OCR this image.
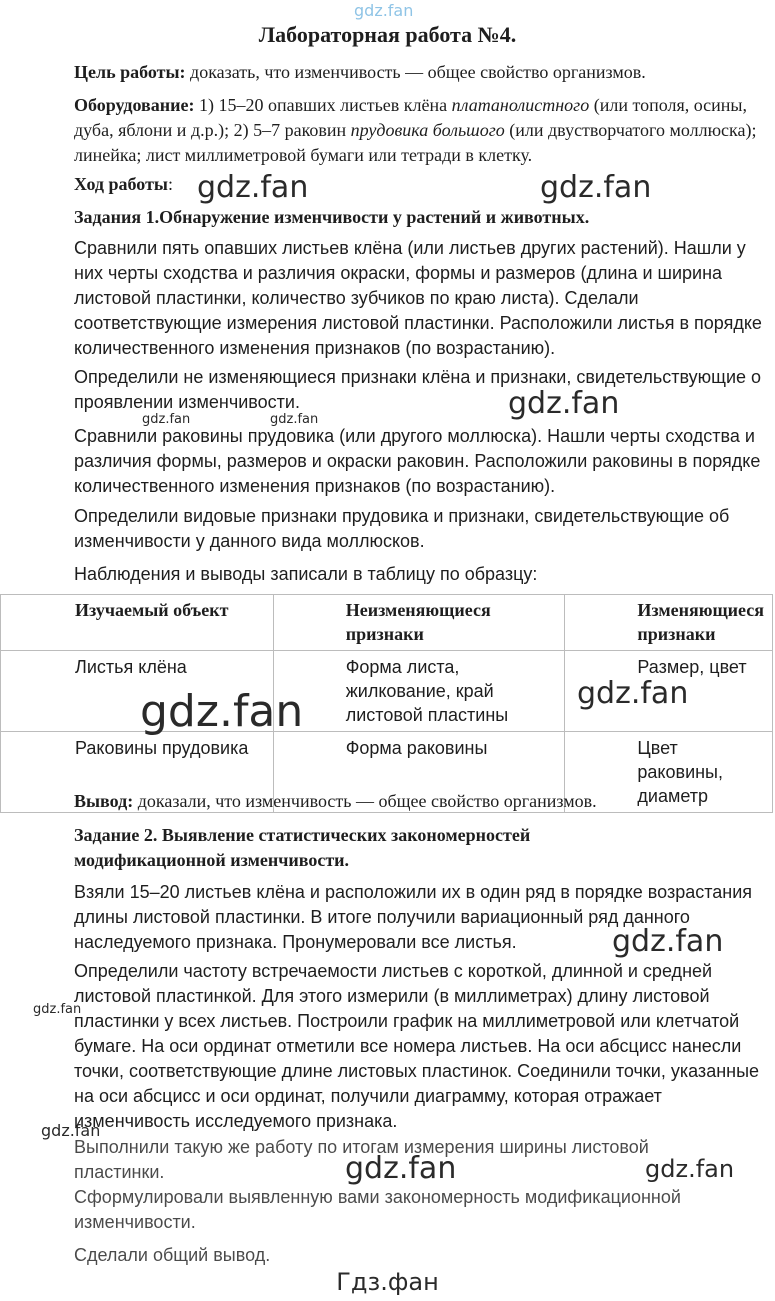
gdz.fan
Лабораторная работа №4.
Цель работы: доказать, что изменчивость — общее свойство организмов.
Оборудование: 1) 15–20 опавших листьев клёна платанолистного (или тополя, осины, дуба, яблони и д.р.); 2) 5–7 раковин прудовика большого (или двустворчатого моллюска); линейка; лист миллиметровой бумаги или тетради в клетку.
Ход работы:
Задания 1.Обнаружение изменчивости у растений и животных.
Сравнили пять опавших листьев клёна (или листьев других растений). Нашли у них черты сходства и различия окраски, формы и размеров (длина и ширина листовой пластинки, количество зубчиков по краю листа). Сделали соответствующие измерения листовой пластинки. Расположили листья в порядке количественного изменения признаков (по возрастанию).
Определили не изменяющиеся признаки клёна и признаки, свидетельствующие о проявлении изменчивости.
Сравнили раковины прудовика (или другого моллюска). Нашли черты сходства и различия формы, размеров и окраски раковин. Расположили раковины в порядке количественного изменения признаков (по возрастанию).
Определили видовые признаки прудовика и признаки, свидетельствующие об изменчивости у данного вида моллюсков.
Наблюдения и выводы записали в таблицу по образцу:
Изучаемый объект	Неизменяющиеся признаки	Изменяющиеся признаки
Листья клёна	Форма листа, жилкование, край листовой пластины	Размер, цвет
Раковины прудовика	Форма раковины	Цвет раковины, диаметр
Вывод: доказали, что изменчивость — общее свойство организмов.
Задание 2. Выявление статистических закономерностей модификационной изменчивости.
Взяли 15–20 листьев клёна и расположили их в один ряд в порядке возрастания длины листовой пластинки. В итоге получили вариационный ряд данного наследуемого признака. Пронумеровали все листья.
Определили частоту встречаемости листьев с короткой, длинной и средней листовой пластинкой. Для этого измерили (в миллиметрах) длину листовой пластинки у всех листьев. Построили график на миллиметровой или клетчатой бумаге. На оси ординат отметили все номера листьев. На оси абсцисс нанесли точки, соответствующие длине листовых пластинок. Соединили точки, указанные на оси абсцисс и оси ординат, получили диаграмму, которая отражает изменчивость исследуемого признака.
Выполнили такую же работу по итогам измерения ширины листовой пластинки.
Сформулировали выявленную вами закономерность модификационной изменчивости.
Сделали общий вывод.
gdz.fan	gdz.fan
gdz.fan
gdz.fan	gdz.fan
gdz.fan	gdz.fan
gdz.fan
gdz.fan
gdz.fan
gdz.fan	gdz.fan
Гдз.фан
